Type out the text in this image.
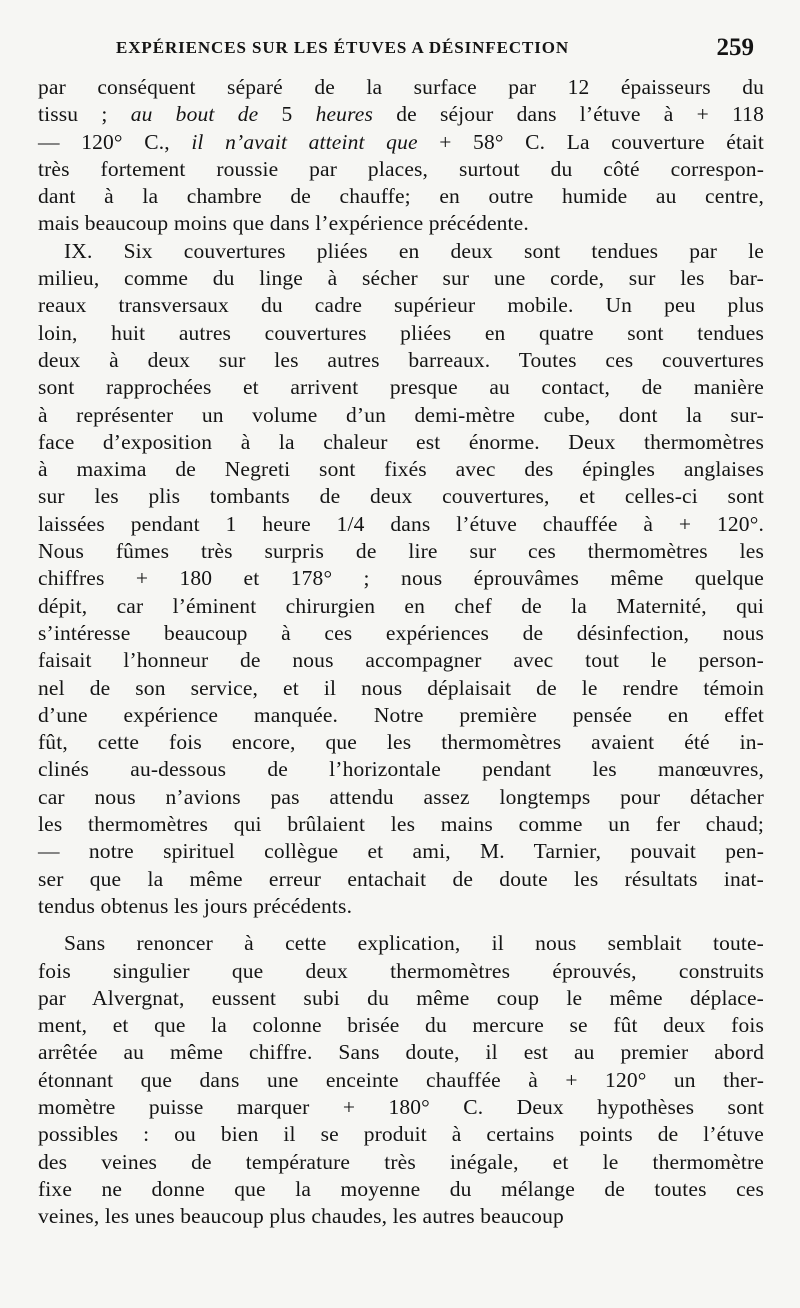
EXPÉRIENCES SUR LES ÉTUVES A DÉSINFECTION	259
par conséquent séparé de la surface par 12 épaisseurs du
tissu ; au bout de 5 heures de séjour dans l’étuve à + 118
— 120° C., il n’avait atteint que + 58° C. La couverture était
très fortement roussie par places, surtout du côté correspon-
dant à la chambre de chauffe; en outre humide au centre,
mais beaucoup moins que dans l’expérience précédente.
IX. Six couvertures pliées en deux sont tendues par le
milieu, comme du linge à sécher sur une corde, sur les bar-
reaux transversaux du cadre supérieur mobile. Un peu plus
loin, huit autres couvertures pliées en quatre sont tendues
deux à deux sur les autres barreaux. Toutes ces couvertures
sont rapprochées et arrivent presque au contact, de manière
à représenter un volume d’un demi-mètre cube, dont la sur-
face d’exposition à la chaleur est énorme. Deux thermomètres
à maxima de Negreti sont fixés avec des épingles anglaises
sur les plis tombants de deux couvertures, et celles-ci sont
laissées pendant 1 heure 1/4 dans l’étuve chauffée à + 120°.
Nous fûmes très surpris de lire sur ces thermomètres les
chiffres + 180 et 178° ; nous éprouvâmes même quelque
dépit, car l’éminent chirurgien en chef de la Maternité, qui
s’intéresse beaucoup à ces expériences de désinfection, nous
faisait l’honneur de nous accompagner avec tout le person-
nel de son service, et il nous déplaisait de le rendre témoin
d’une expérience manquée. Notre première pensée en effet
fût, cette fois encore, que les thermomètres avaient été in-
clinés au-dessous de l’horizontale pendant les manœuvres,
car nous n’avions pas attendu assez longtemps pour détacher
les thermomètres qui brûlaient les mains comme un fer chaud;
— notre spirituel collègue et ami, M. Tarnier, pouvait pen-
ser que la même erreur entachait de doute les résultats inat-
tendus obtenus les jours précédents.
Sans renoncer à cette explication, il nous semblait toute-
fois singulier que deux thermomètres éprouvés, construits
par Alvergnat, eussent subi du même coup le même déplace-
ment, et que la colonne brisée du mercure se fût deux fois
arrêtée au même chiffre. Sans doute, il est au premier abord
étonnant que dans une enceinte chauffée à + 120° un ther-
momètre puisse marquer + 180° C. Deux hypothèses sont
possibles : ou bien il se produit à certains points de l’étuve
des veines de température très inégale, et le thermomètre
fixe ne donne que la moyenne du mélange de toutes ces
veines, les unes beaucoup plus chaudes, les autres beaucoup
